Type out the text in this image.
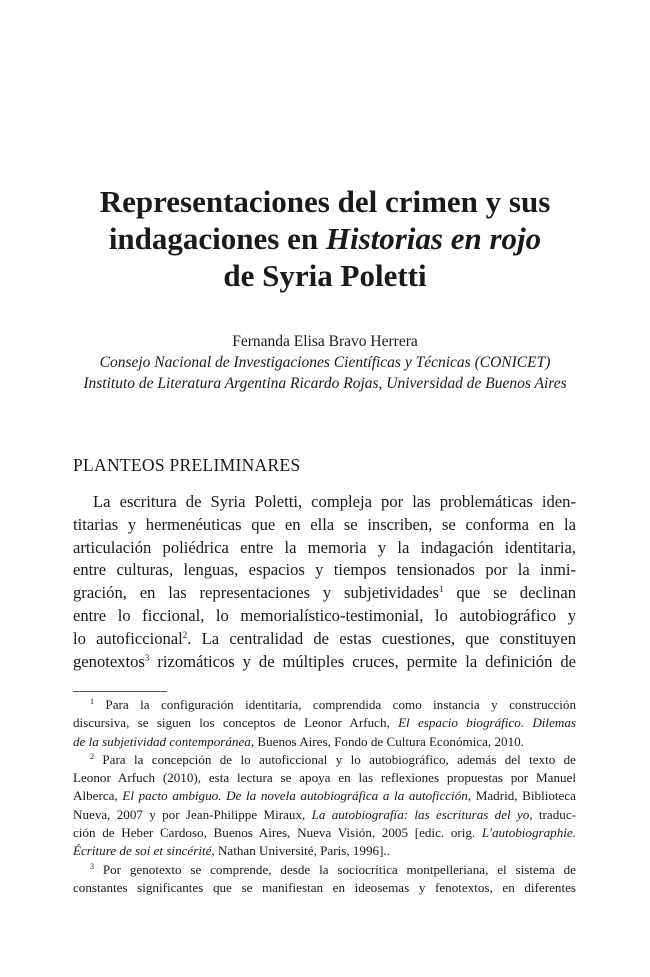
Representaciones del crimen y sus
indagaciones en Historias en rojo
de Syria Poletti
Fernanda Elisa Bravo Herrera
Consejo Nacional de Investigaciones Científicas y Técnicas (CONICET)
Instituto de Literatura Argentina Ricardo Rojas, Universidad de Buenos Aires
PLANTEOS PRELIMINARES
La escritura de Syria Poletti, compleja por las problemáticas iden-
titarias y hermenéuticas que en ella se inscriben, se conforma en la
articulación poliédrica entre la memoria y la indagación identitaria,
entre culturas, lenguas, espacios y tiempos tensionados por la inmi-
gración, en las representaciones y subjetividades$^1$ que se declinan
entre lo ficcional, lo memorialístico-testimonial, lo autobiográfico y
lo autoficcional$^2$. La centralidad de estas cuestiones, que constituyen
genotextos$^3$ rizomáticos y de múltiples cruces, permite la definición de
$^1$ Para la configuración identitaria, comprendida como instancia y construcción
discursiva, se siguen los conceptos de Leonor Arfuch, El espacio biográfico. Dilemas
de la subjetividad contemporánea, Buenos Aires, Fondo de Cultura Económica, 2010.
$^2$ Para la concepción de lo autoficcional y lo autobiográfico, además del texto de
Leonor Arfuch (2010), esta lectura se apoya en las reflexiones propuestas por Manuel
Alberca, El pacto ambiguo. De la novela autobiográfica a la autoficción, Madrid, Biblioteca
Nueva, 2007 y por Jean-Philippe Miraux, La autobiografía: las escrituras del yo, traduc-
ción de Heber Cardoso, Buenos Aires, Nueva Visión, 2005 [edic. orig. L'autobiographie.
Écriture de soi et sincérité, Nathan Université, Paris, 1996]..
$^3$ Por genotexto se comprende, desde la sociocrítica montpelleriana, el sistema de
constantes significantes que se manifiestan en ideosemas y fenotextos, en diferentes
